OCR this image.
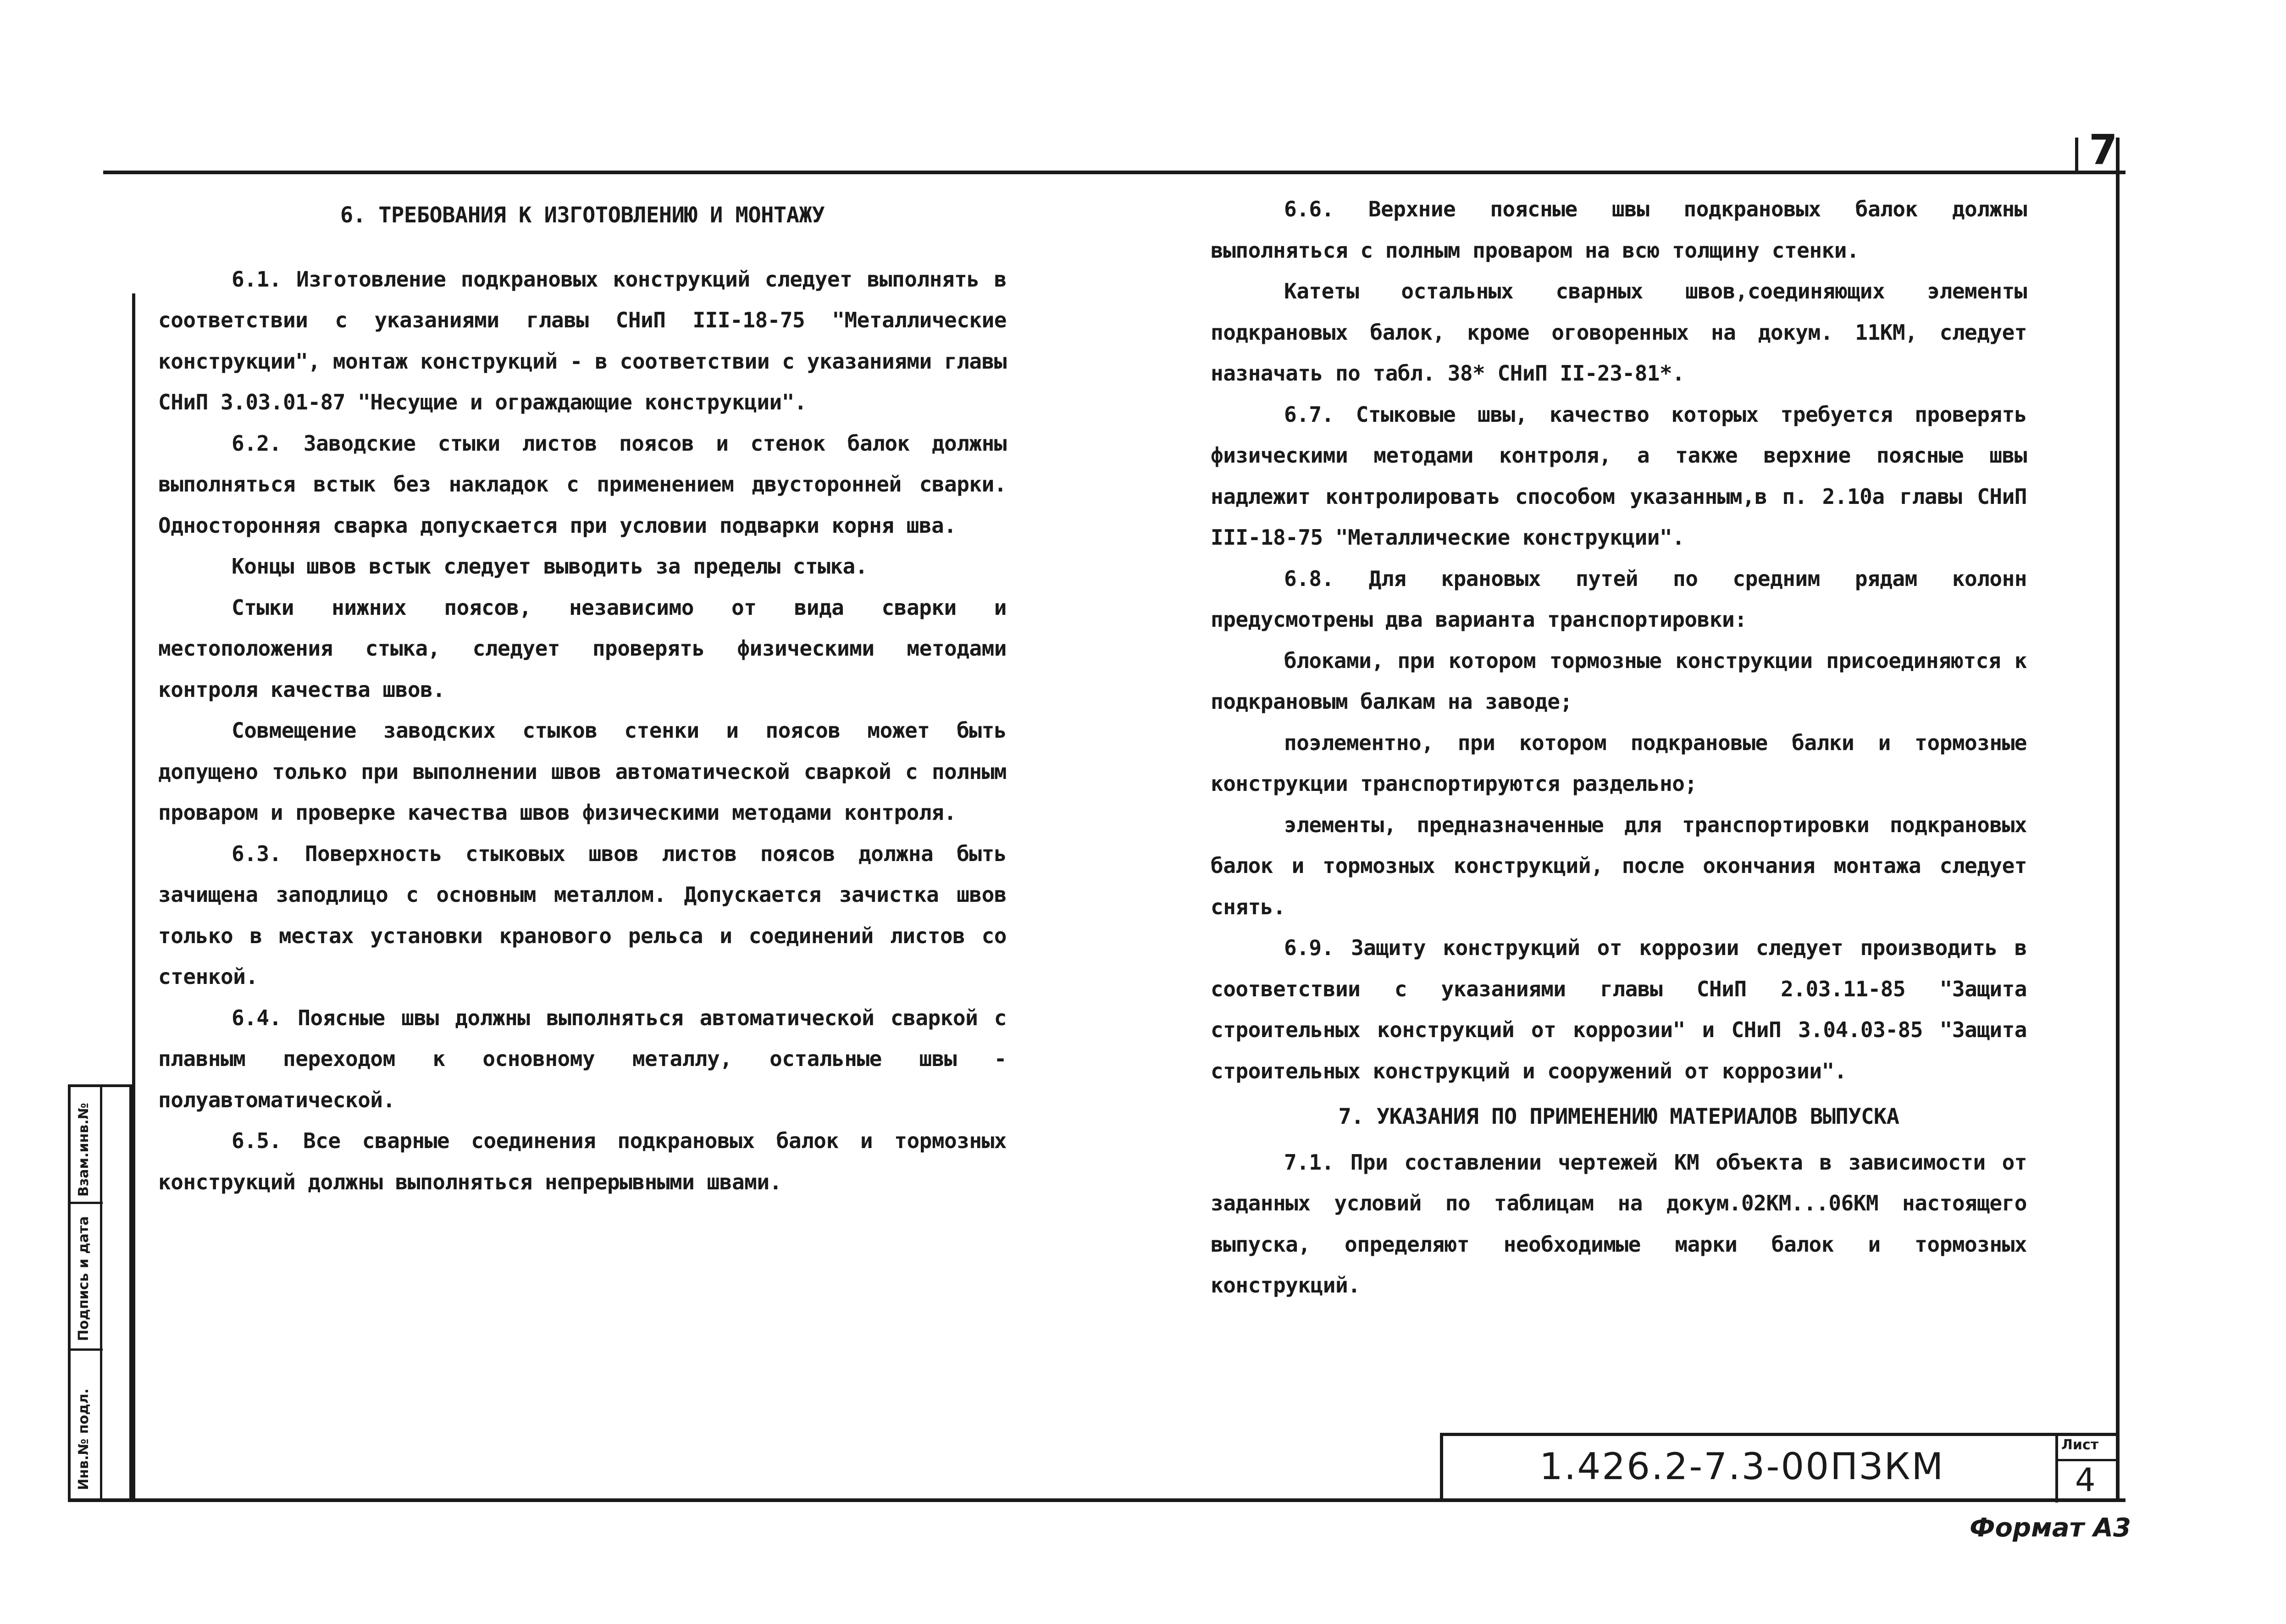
7
Инв.№ подл.
Подпись и дата
Взам.инв.№
6. ТРЕБОВАНИЯ К ИЗГОТОВЛЕНИЮ И МОНТАЖУ

6.1. Изготовление подкрановых конструкций следует выполнять в соответствии с указаниями главы СНиП III-18-75 "Металлические конструкции", монтаж конструкций - в соответствии с указаниями главы СНиП 3.03.01-87 "Несущие и ограждающие конструкции".

6.2. Заводские стыки листов поясов и стенок балок должны выполняться встык без накладок с применением двусторонней сварки. Односторонняя сварка допускается при условии подварки корня шва.

Концы швов встык следует выводить за пределы стыка.

Стыки нижних поясов, независимо от вида сварки и местоположения стыка, следует проверять физическими методами контроля качества швов.

Совмещение заводских стыков стенки и поясов может быть допущено только при выполнении швов автоматической сваркой с полным проваром и проверке качества швов физическими методами контроля.

6.3. Поверхность стыковых швов листов поясов должна быть зачищена заподлицо с основным металлом. Допускается зачистка швов только в местах установки кранового рельса и соединений листов со стенкой.

6.4. Поясные швы должны выполняться автоматической сваркой с плавным переходом к основному металлу, остальные швы - полуавтоматической.

6.5. Все сварные соединения подкрановых балок и тормозных конструкций должны выполняться непрерывными швами.

6.6. Верхние поясные швы подкрановых балок должны выполняться с полным проваром на всю толщину стенки.

Катеты остальных сварных швов,соединяющих элементы подкрановых балок, кроме оговоренных на докум. 11КМ, следует назначать по табл. 38* СНиП II-23-81*.

6.7. Стыковые швы, качество которых требуется проверять физическими методами контроля, а также верхние поясные швы надлежит контролировать способом указанным,в п. 2.10а главы СНиП III-18-75 "Металлические конструкции".

6.8. Для крановых путей по средним рядам колонн предусмотрены два варианта транспортировки:

блоками, при котором тормозные конструкции присоединяются к подкрановым балкам на заводе;

поэлементно, при котором подкрановые балки и тормозные конструкции транспортируются раздельно;

элементы, предназначенные для транспортировки подкрановых балок и тормозных конструкций, после окончания монтажа следует снять.

6.9. Защиту конструкций от коррозии следует производить в соответствии с указаниями главы СНиП 2.03.11-85 "Защита строительных конструкций от коррозии" и СНиП 3.04.03-85 "Защита строительных конструкций и сооружений от коррозии".

7. УКАЗАНИЯ ПО ПРИМЕНЕНИЮ МАТЕРИАЛОВ ВЫПУСКА

7.1. При составлении чертежей КМ объекта в зависимости от заданных условий по таблицам на докум.02КМ...06КМ настоящего выпуска, определяют необходимые марки балок и тормозных конструкций.

1.426.2-7.3-00ПЗКМ
Лист
4
Формат А3
